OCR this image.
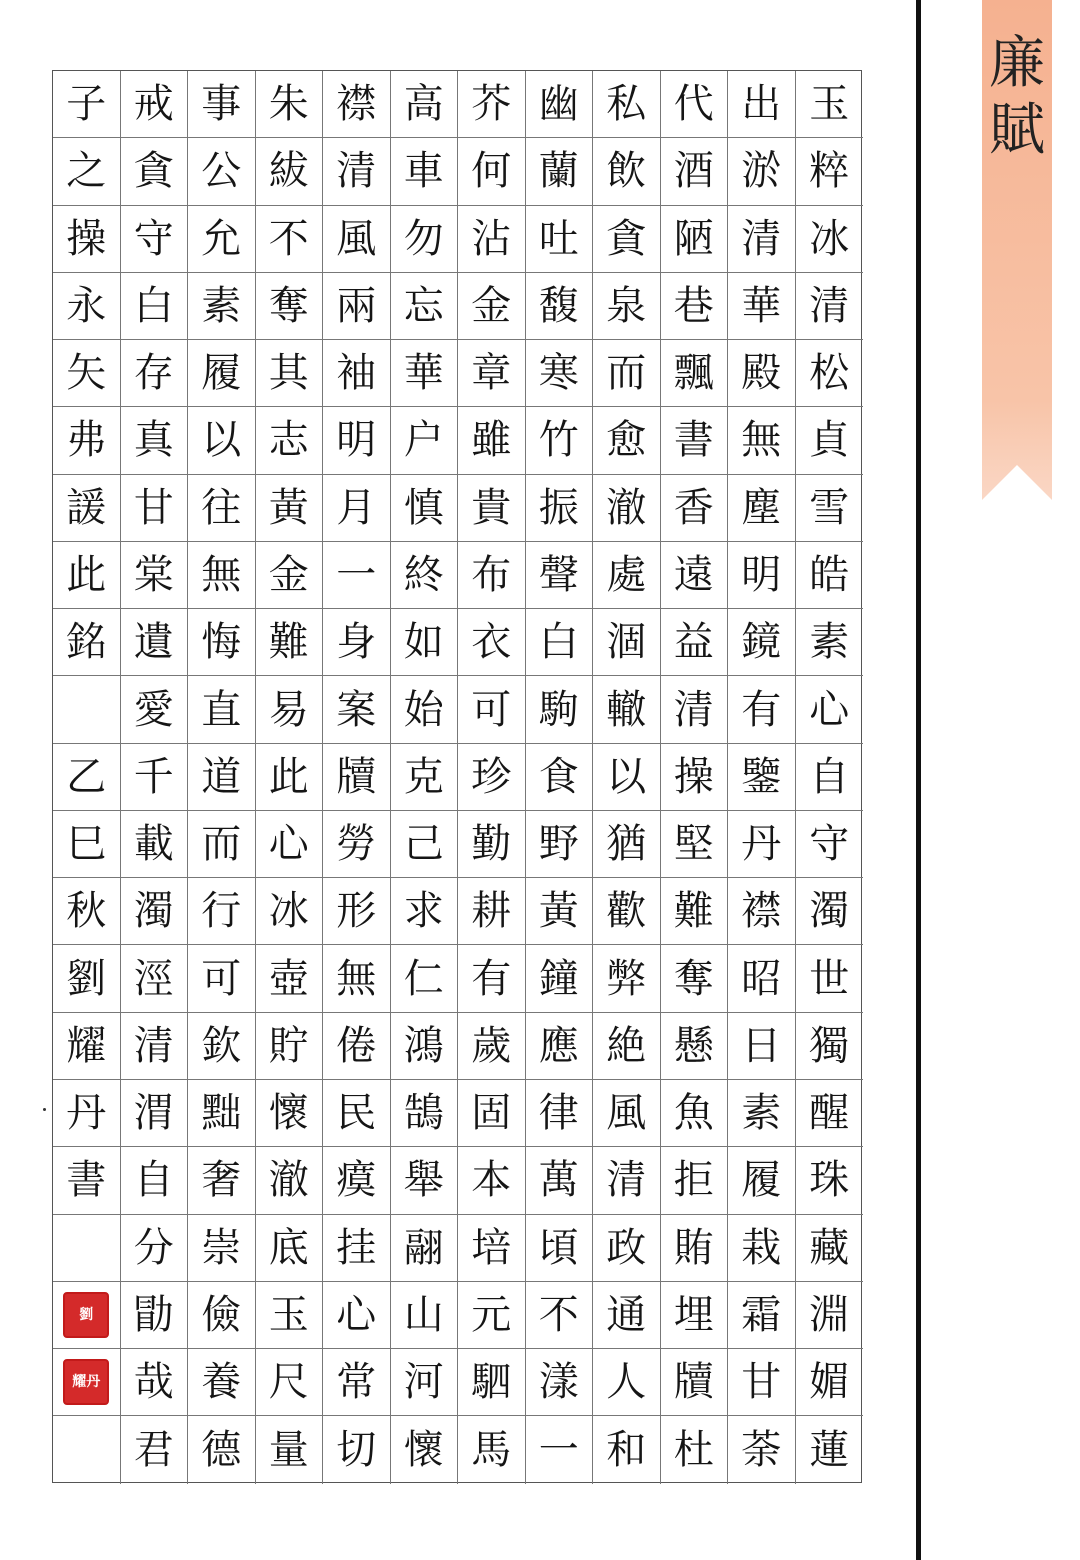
子 戒 事 朱 襟 高 芥 幽 私 代 出 玉
之 貪 公 紱 清 車 何 蘭 飲 酒 淤 粹
操 守 允 不 風 勿 沾 吐 貪 陋 清 冰
永 白 素 奪 兩 忘 金 馥 泉 巷 華 清
矢 存 履 其 袖 華 章 寒 而 飄 殿 松
弗 真 以 志 明 户 雖 竹 愈 書 無 貞
諼 甘 往 黃 月 慎 貴 振 澈 香 塵 雪
此 棠 無 金 一 終 布 聲 處 遠 明 皓
銘 遺 悔 難 身 如 衣 白 涸 益 鏡 素
愛 直 易 案 始 可 駒 轍 清 有 心
乙 千 道 此 牘 克 珍 食 以 操 鑒 自
巳 載 而 心 勞 己 勤 野 猶 堅 丹 守
秋 濁 行 冰 形 求 耕 黃 歡 難 襟 濁
劉 涇 可 壺 無 仁 有 鐘 弊 奪 昭 世
耀 清 欽 貯 倦 鴻 歲 應 絶 懸 日 獨
丹 渭 黜 懷 民 鵠 固 律 風 魚 素 醒
書 自 奢 澈 瘼 舉 本 萬 清 拒 履 珠
分 崇 底 挂 翮 培 頃 政 賄 栽 藏
劉	勖 儉 玉 心 山 元 不 通 埋 霜 淵
耀丹 哉 養 尺 常 河 駟 漾 人 牘 甘 媚
君 德 量 切 懷 馬 一 和 杜 荼 蓮
廉
賦
